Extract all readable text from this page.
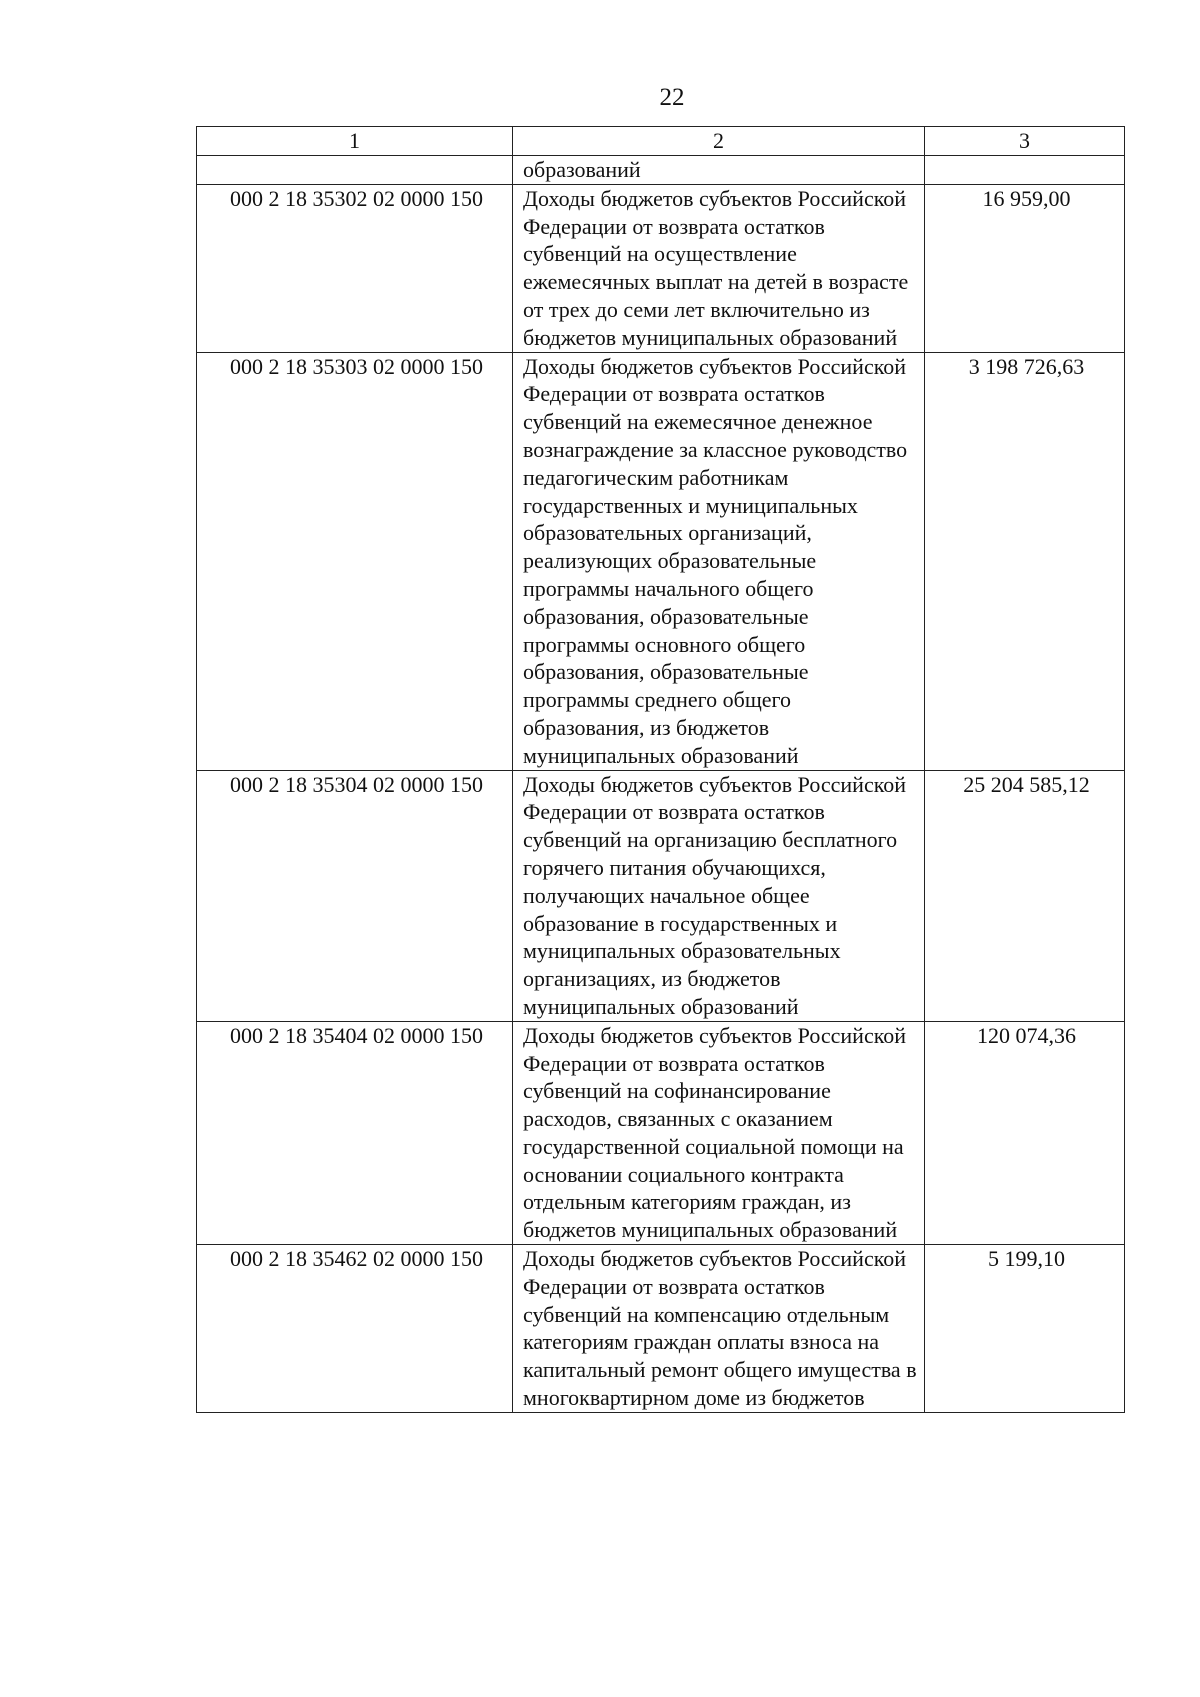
22
1	2	3
	образований	
000 2 18 35302 02 0000 150	Доходы бюджетов субъектов Российской Федерации от возврата остатков субвенций на осуществление ежемесячных выплат на детей в возрасте от трех до семи лет включительно из бюджетов муниципальных образований	16 959,00
000 2 18 35303 02 0000 150	Доходы бюджетов субъектов Российской Федерации от возврата остатков субвенций на ежемесячное денежное вознаграждение за классное руководство педагогическим работникам государственных и муниципальных образовательных организаций, реализующих образовательные программы начального общего образования, образовательные программы основного общего образования, образовательные программы среднего общего образования, из бюджетов муниципальных образований	3 198 726,63
000 2 18 35304 02 0000 150	Доходы бюджетов субъектов Российской Федерации от возврата остатков субвенций на организацию бесплатного горячего питания обучающихся, получающих начальное общее образование в государственных и муниципальных образовательных организациях, из бюджетов муниципальных образований	25 204 585,12
000 2 18 35404 02 0000 150	Доходы бюджетов субъектов Российской Федерации от возврата остатков субвенций на софинансирование расходов, связанных с оказанием государственной социальной помощи на основании социального контракта отдельным категориям граждан, из бюджетов муниципальных образований	120 074,36
000 2 18 35462 02 0000 150	Доходы бюджетов субъектов Российской Федерации от возврата остатков субвенций на компенсацию отдельным категориям граждан оплаты взноса на капитальный ремонт общего имущества в многоквартирном доме из бюджетов	5 199,10
